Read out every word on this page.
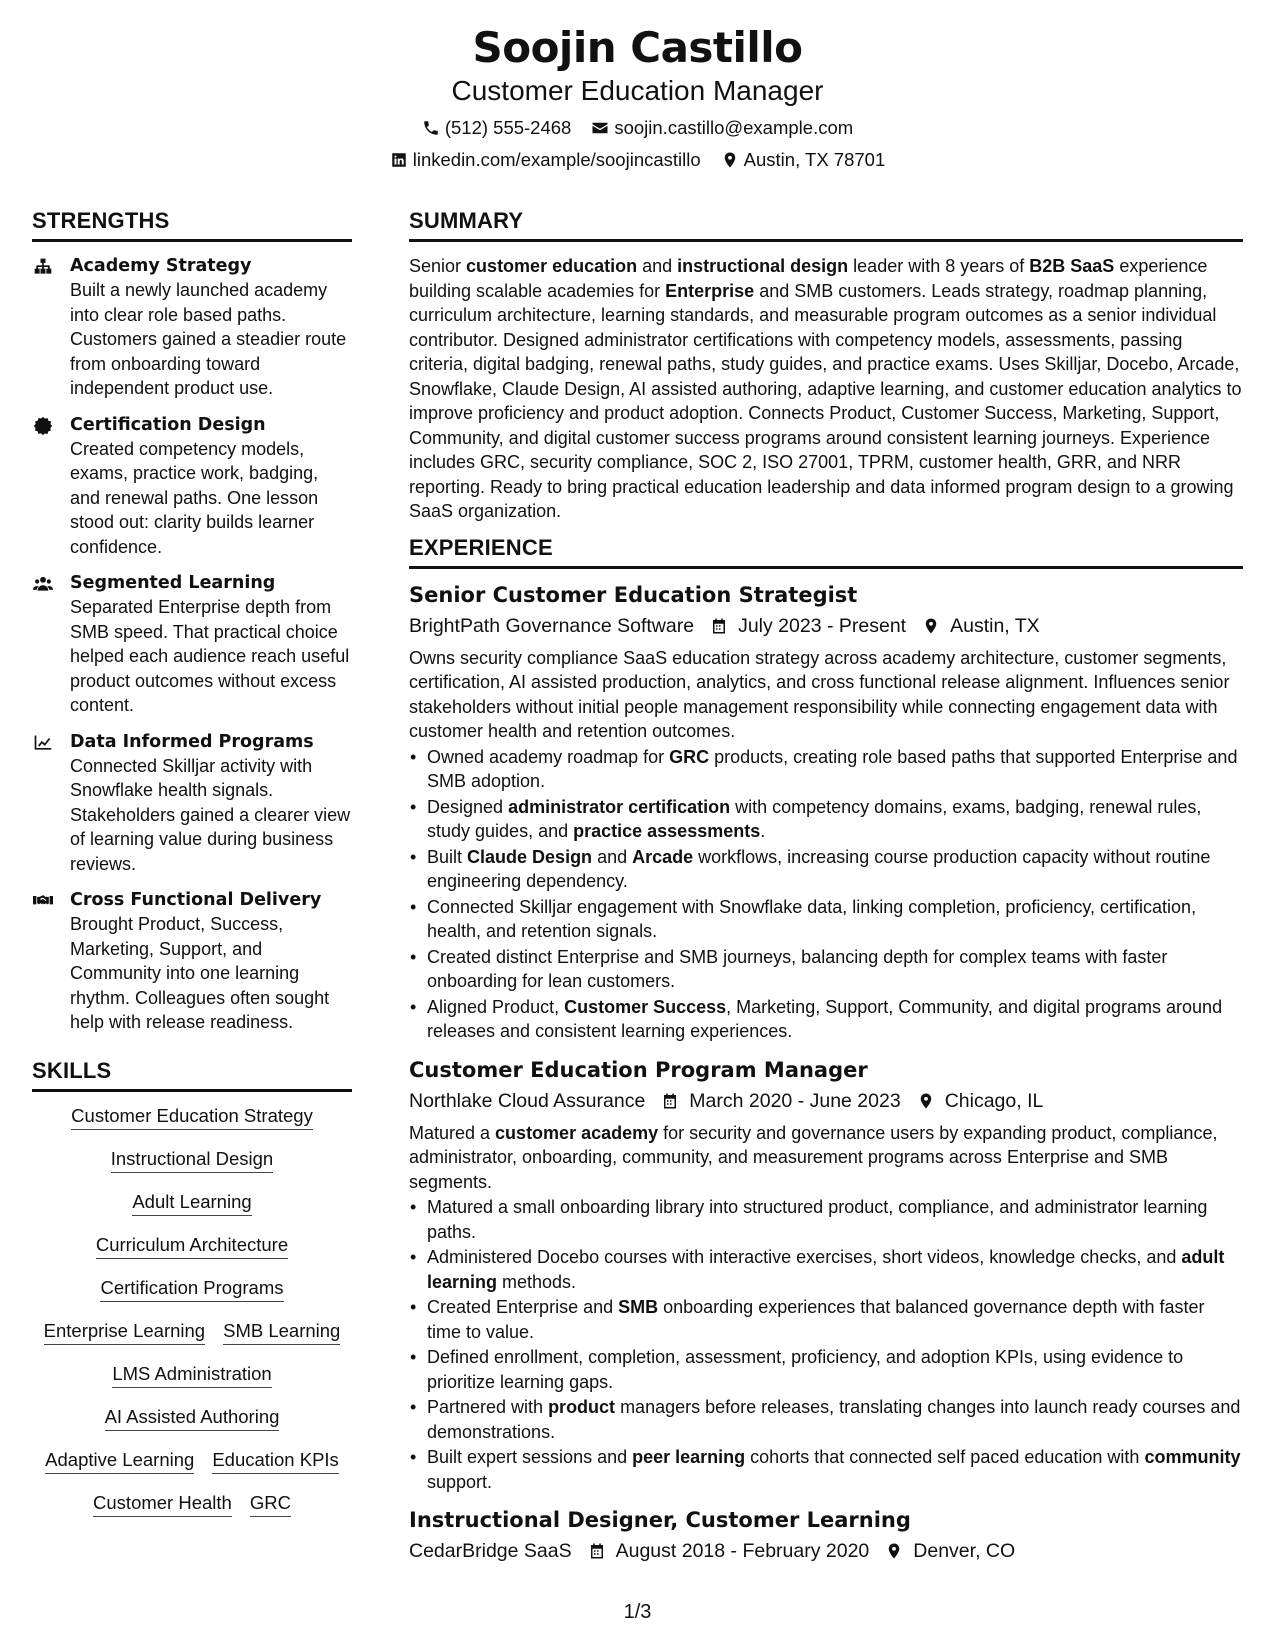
Soojin Castillo
Customer Education Manager
(512) 555-2468 soojin.castillo@example.com
linkedin.com/example/soojincastillo Austin, TX 78701
STRENGTHS
Academy Strategy
Built a newly launched academy into clear role based paths. Customers gained a steadier route from onboarding toward independent product use.
Certification Design
Created competency models, exams, practice work, badging, and renewal paths. One lesson stood out: clarity builds learner confidence.
Segmented Learning
Separated Enterprise depth from SMB speed. That practical choice helped each audience reach useful product outcomes without excess content.
Data Informed Programs
Connected Skilljar activity with Snowflake health signals. Stakeholders gained a clearer view of learning value during business reviews.
Cross Functional Delivery
Brought Product, Success, Marketing, Support, and Community into one learning rhythm. Colleagues often sought help with release readiness.
SKILLS
Customer Education Strategy
Instructional Design
Adult Learning
Curriculum Architecture
Certification Programs
Enterprise Learning SMB Learning
LMS Administration
AI Assisted Authoring
Adaptive Learning Education KPIs
Customer Health GRC
SUMMARY

Senior customer education and instructional design leader with 8 years of B2B SaaS experience building scalable academies for Enterprise and SMB customers. Leads strategy, roadmap planning, curriculum architecture, learning standards, and measurable program outcomes as a senior individual contributor. Designed administrator certifications with competency models, assessments, passing criteria, digital badging, renewal paths, study guides, and practice exams. Uses Skilljar, Docebo, Arcade, Snowflake, Claude Design, AI assisted authoring, adaptive learning, and customer education analytics to improve proficiency and product adoption. Connects Product, Customer Success, Marketing, Support, Community, and digital customer success programs around consistent learning journeys. Experience includes GRC, security compliance, SOC 2, ISO 27001, TPRM, customer health, GRR, and NRR reporting. Ready to bring practical education leadership and data informed program design to a growing SaaS organization.

EXPERIENCE
Senior Customer Education Strategist
BrightPath Governance Software July 2023 - Present Austin, TX

Owns security compliance SaaS education strategy across academy architecture, customer segments, certification, AI assisted production, analytics, and cross functional release alignment. Influences senior stakeholders without initial people management responsibility while connecting engagement data with customer health and retention outcomes.

• Owned academy roadmap for GRC products, creating role based paths that supported Enterprise and SMB adoption.
• Designed administrator certification with competency domains, exams, badging, renewal rules, study guides, and practice assessments.
• Built Claude Design and Arcade workflows, increasing course production capacity without routine engineering dependency.
• Connected Skilljar engagement with Snowflake data, linking completion, proficiency, certification, health, and retention signals.
• Created distinct Enterprise and SMB journeys, balancing depth for complex teams with faster onboarding for lean customers.
• Aligned Product, Customer Success, Marketing, Support, Community, and digital programs around releases and consistent learning experiences.
Customer Education Program Manager
Northlake Cloud Assurance March 2020 - June 2023 Chicago, IL

Matured a customer academy for security and governance users by expanding product, compliance, administrator, onboarding, community, and measurement programs across Enterprise and SMB segments.

• Matured a small onboarding library into structured product, compliance, and administrator learning paths.
• Administered Docebo courses with interactive exercises, short videos, knowledge checks, and adult learning methods.
• Created Enterprise and SMB onboarding experiences that balanced governance depth with faster time to value.
• Defined enrollment, completion, assessment, proficiency, and adoption KPIs, using evidence to prioritize learning gaps.
• Partnered with product managers before releases, translating changes into launch ready courses and demonstrations.
• Built expert sessions and peer learning cohorts that connected self paced education with community support.
Instructional Designer, Customer Learning
CedarBridge SaaS August 2018 - February 2020 Denver, CO
1/3
